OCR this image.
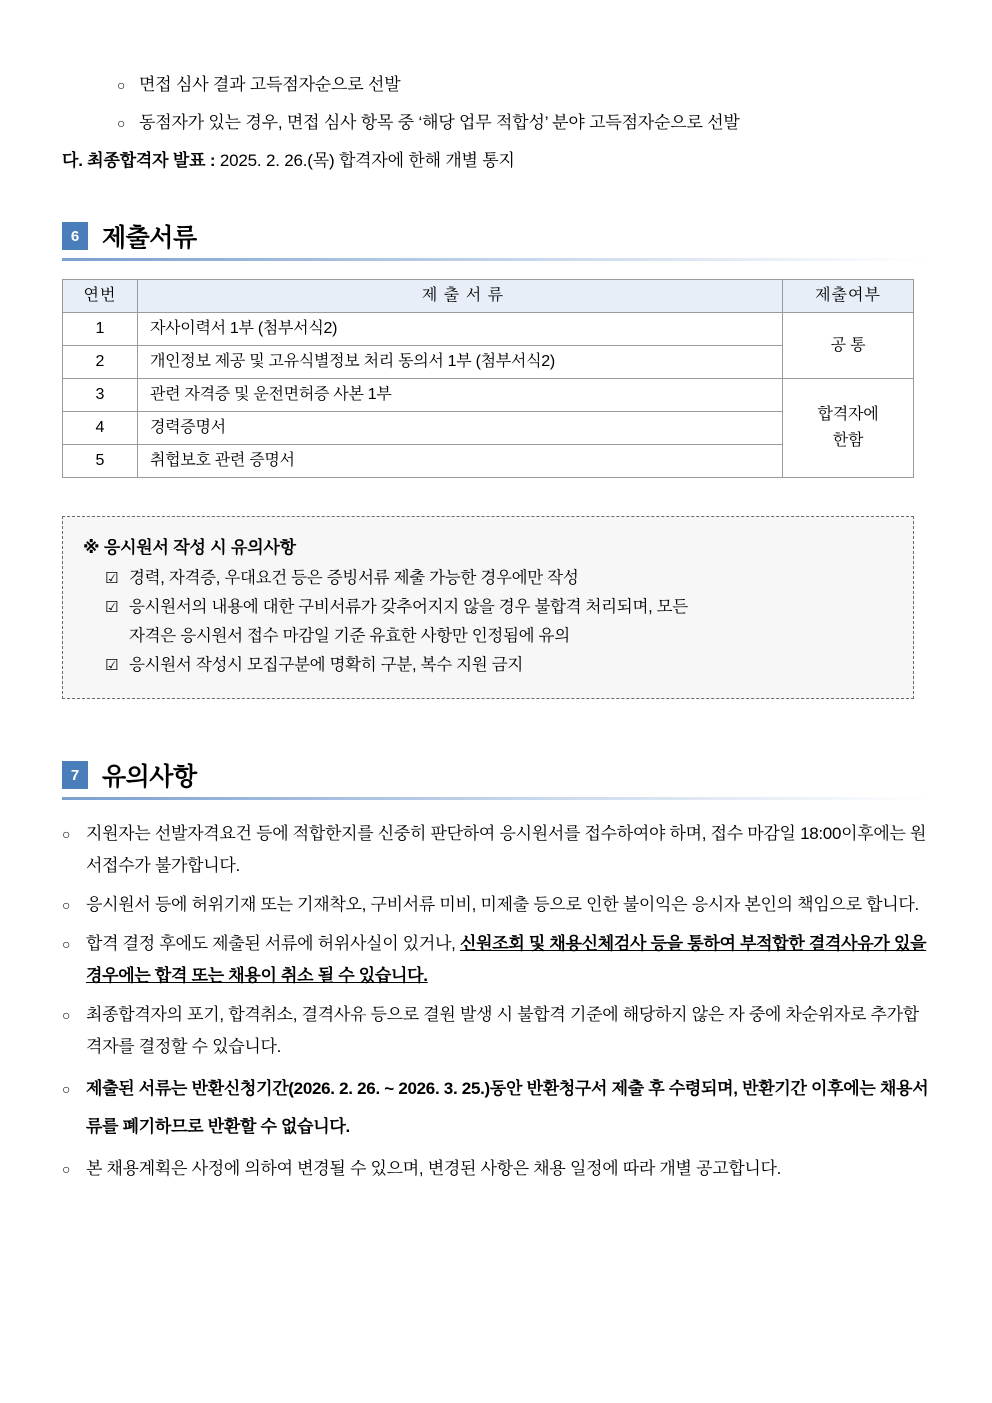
○ 면접 심사 결과 고득점자순으로 선발
○ 동점자가 있는 경우, 면접 심사 항목 중 ‘해당 업무 적합성’ 분야 고득점자순으로 선발
다. 최종합격자 발표 : 2025. 2. 26.(목) 합격자에 한해 개별 통지
6 제출서류
연번	제 출 서 류	제출여부
1	자사이력서 1부 (첨부서식2)	공 통
2	개인정보 제공 및 고유식별정보 처리 동의서 1부 (첨부서식2)	
3	관련 자격증 및 운전면허증 사본 1부	합격자에
한함

4	경력증명서	
5	취헙보호 관련 증명서	
※ 응시원서 작성 시 유의사항
☑ 경력, 자격증, 우대요건 등은 증빙서류 제출 가능한 경우에만 작성
☑ 응시원서의 내용에 대한 구비서류가 갖추어지지 않을 경우 불합격 처리되며, 모든
자격은 응시원서 접수 마감일 기준 유효한 사항만 인정됨에 유의
☑ 응시원서 작성시 모집구분에 명확히 구분, 복수 지원 금지
7 유의사항
○ 지원자는 선발자격요건 등에 적합한지를 신중히 판단하여 응시원서를 접수하여야 하며, 접수 마감일 18:00이후에는 원서접수가 불가합니다.
○ 응시원서 등에 허위기재 또는 기재착오, 구비서류 미비, 미제출 등으로 인한 불이익은 응시자 본인의 책임으로 합니다.
○ 합격 결정 후에도 제출된 서류에 허위사실이 있거나, 신원조회 및 채용신체검사 등을 통하여 부적합한 결격사유가 있을 경우에는 합격 또는 채용이 취소 될 수 있습니다.
○ 최종합격자의 포기, 합격취소, 결격사유 등으로 결원 발생 시 불합격 기준에 해당하지 않은 자 중에 차순위자로 추가합격자를 결정할 수 있습니다.
○ 제출된 서류는 반환신청기간(2026. 2. 26. ~ 2026. 3. 25.)동안 반환청구서 제출 후 수령되며, 반환기간 이후에는 채용서류를 폐기하므로 반환할 수 없습니다.
○ 본 채용계획은 사정에 의하여 변경될 수 있으며, 변경된 사항은 채용 일정에 따라 개별 공고합니다.
